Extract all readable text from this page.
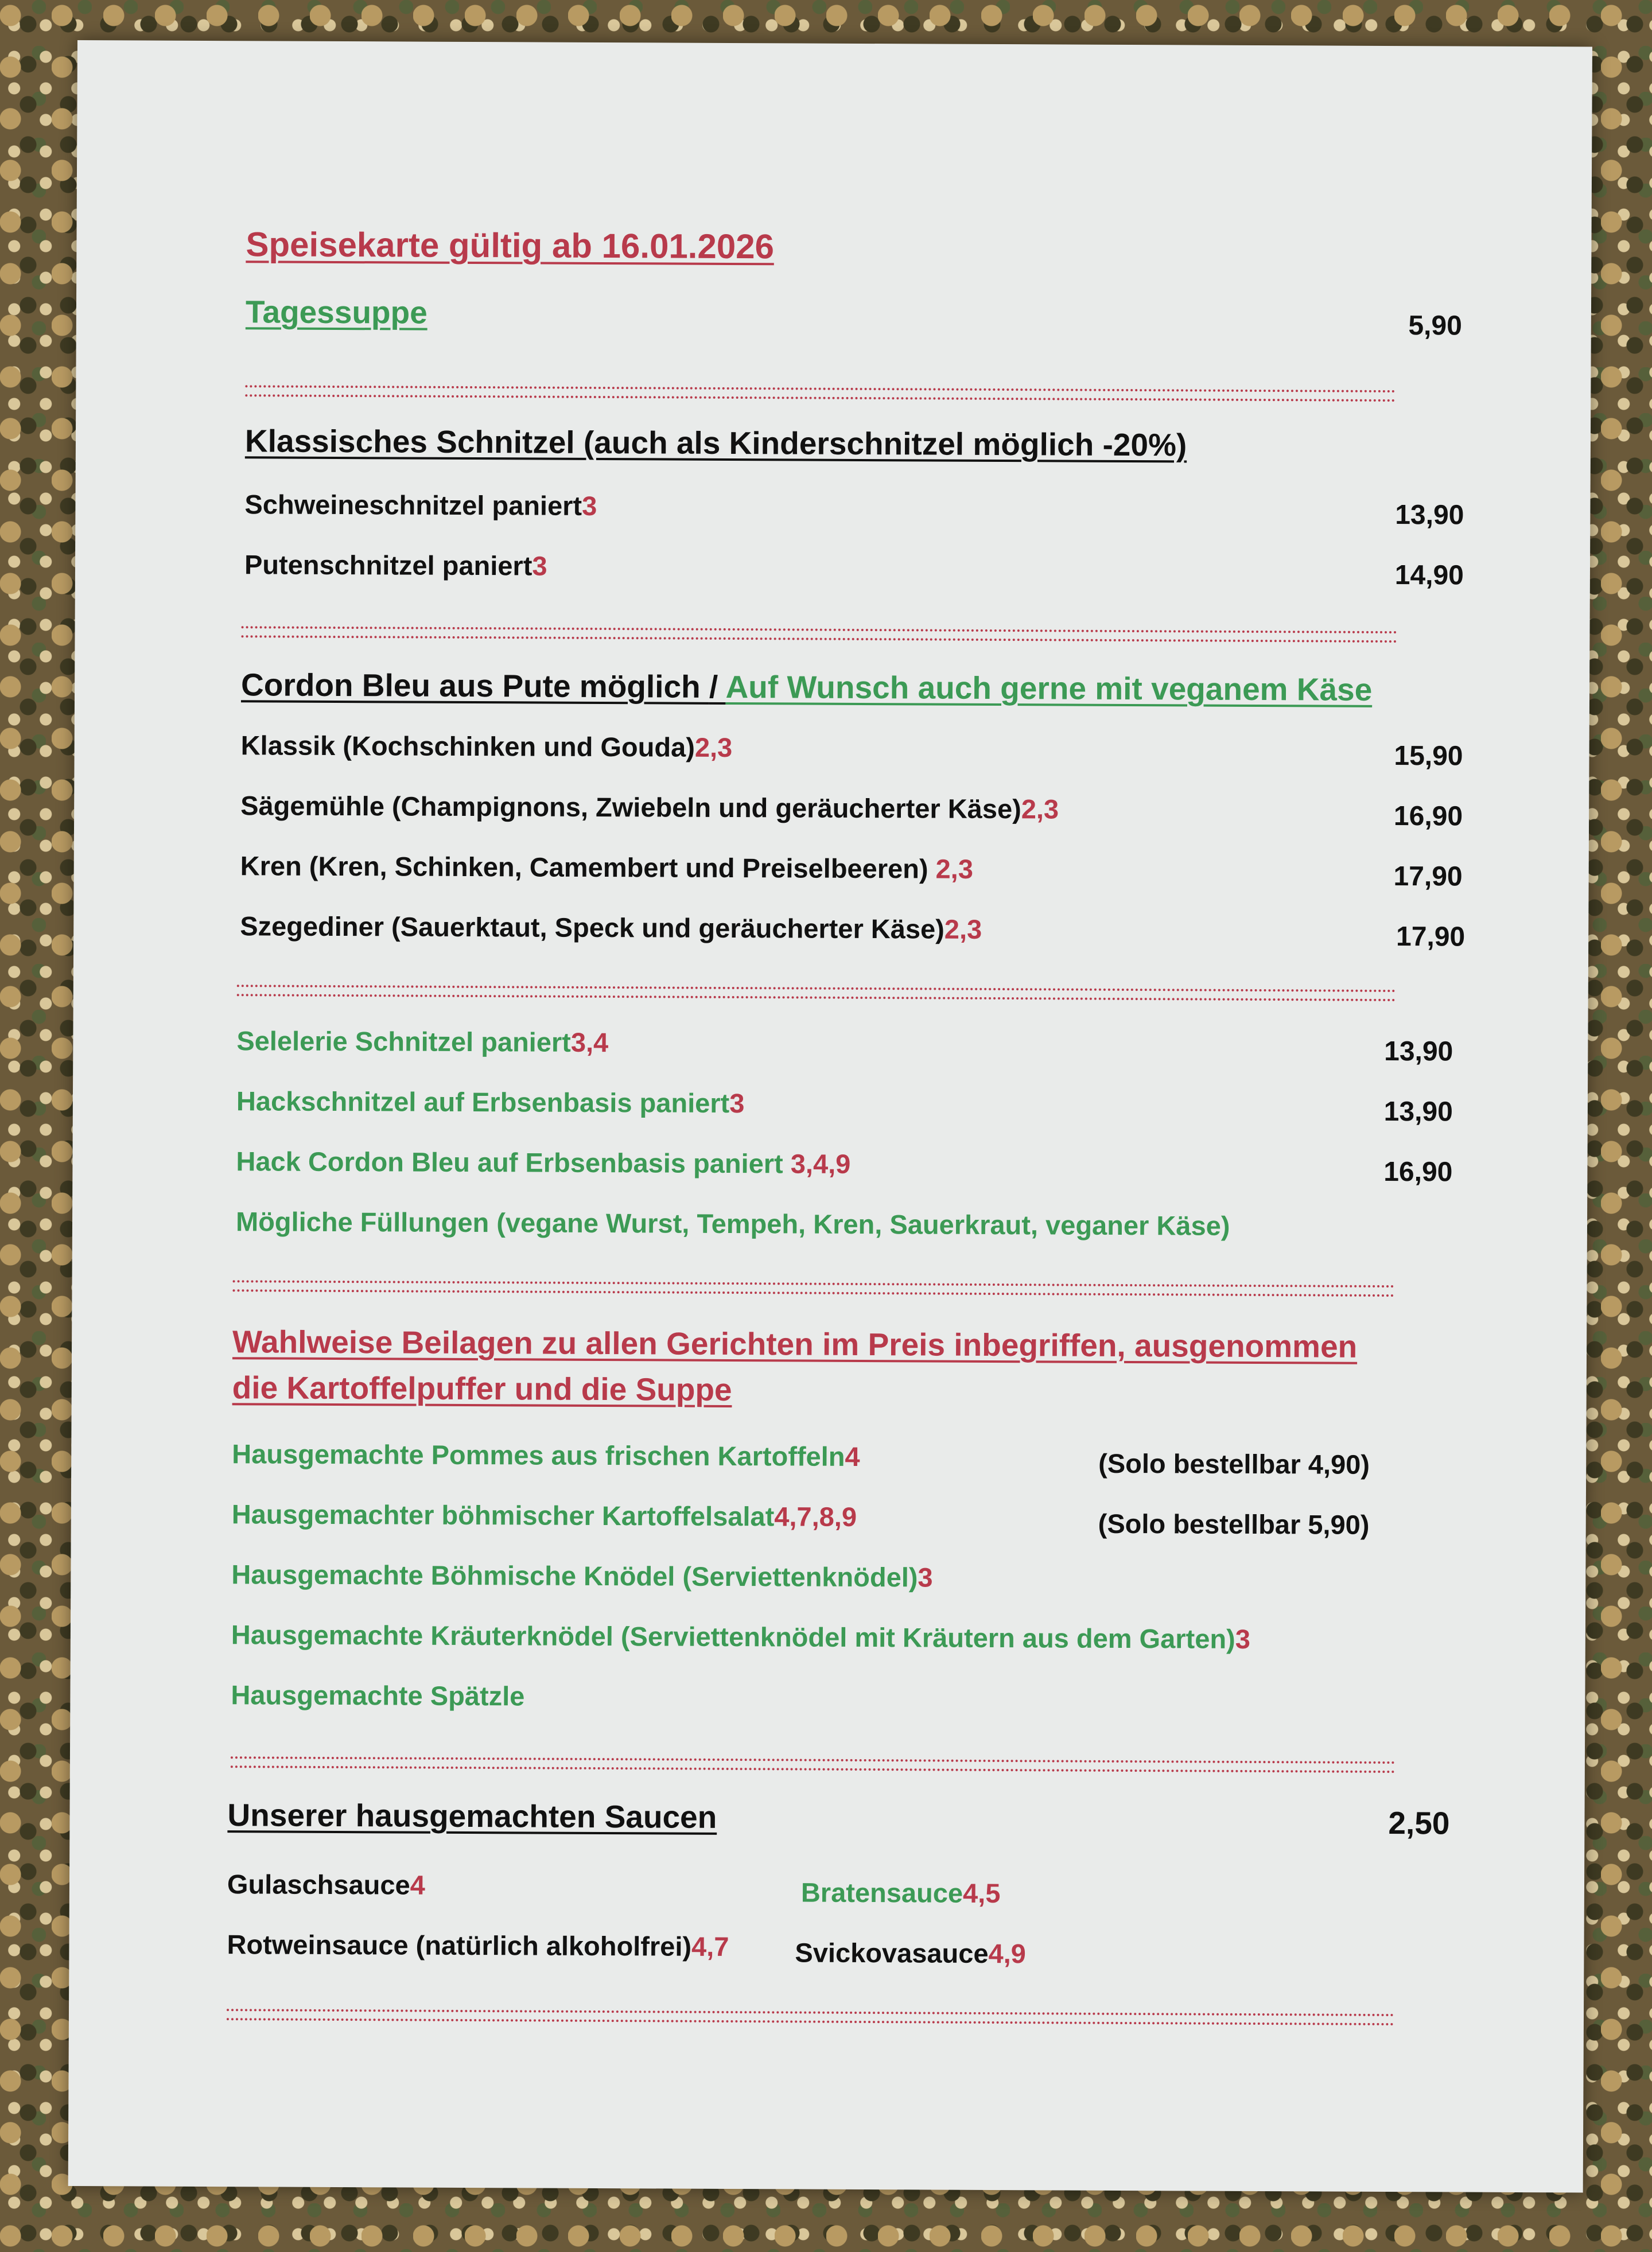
Speisekarte gültig ab 16.01.2026
Tagessuppe	5,90
Klassisches Schnitzel (auch als Kinderschnitzel möglich -20%)
Schweineschnitzel paniert3	13,90
Putenschnitzel paniert3	14,90
Cordon Bleu aus Pute möglich / Auf Wunsch auch gerne mit veganem Käse
Klassik (Kochschinken und Gouda)2,3	15,90
Sägemühle (Champignons, Zwiebeln und geräucherter Käse)2,3	16,90
Kren (Kren, Schinken, Camembert und Preiselbeeren) 2,3	17,90
Szegediner (Sauerktaut, Speck und geräucherter Käse)2,3	17,90
Selelerie Schnitzel paniert3,4	13,90
Hackschnitzel auf Erbsenbasis paniert3	13,90
Hack Cordon Bleu auf Erbsenbasis paniert 3,4,9	16,90
Mögliche Füllungen (vegane Wurst, Tempeh, Kren, Sauerkraut, veganer Käse)
Wahlweise Beilagen zu allen Gerichten im Preis inbegriffen, ausgenommen
die Kartoffelpuffer und die Suppe
Hausgemachte Pommes aus frischen Kartoffeln4	(Solo bestellbar 4,90)
Hausgemachter böhmischer Kartoffelsalat4,7,8,9	(Solo bestellbar 5,90)
Hausgemachte Böhmische Knödel (Serviettenknödel)3
Hausgemachte Kräuterknödel (Serviettenknödel mit Kräutern aus dem Garten)3
Hausgemachte Spätzle
Unserer hausgemachten Saucen	2,50
Gulaschsauce4	Bratensauce4,5
Rotweinsauce (natürlich alkoholfrei)4,7 Svickovasauce4,9
